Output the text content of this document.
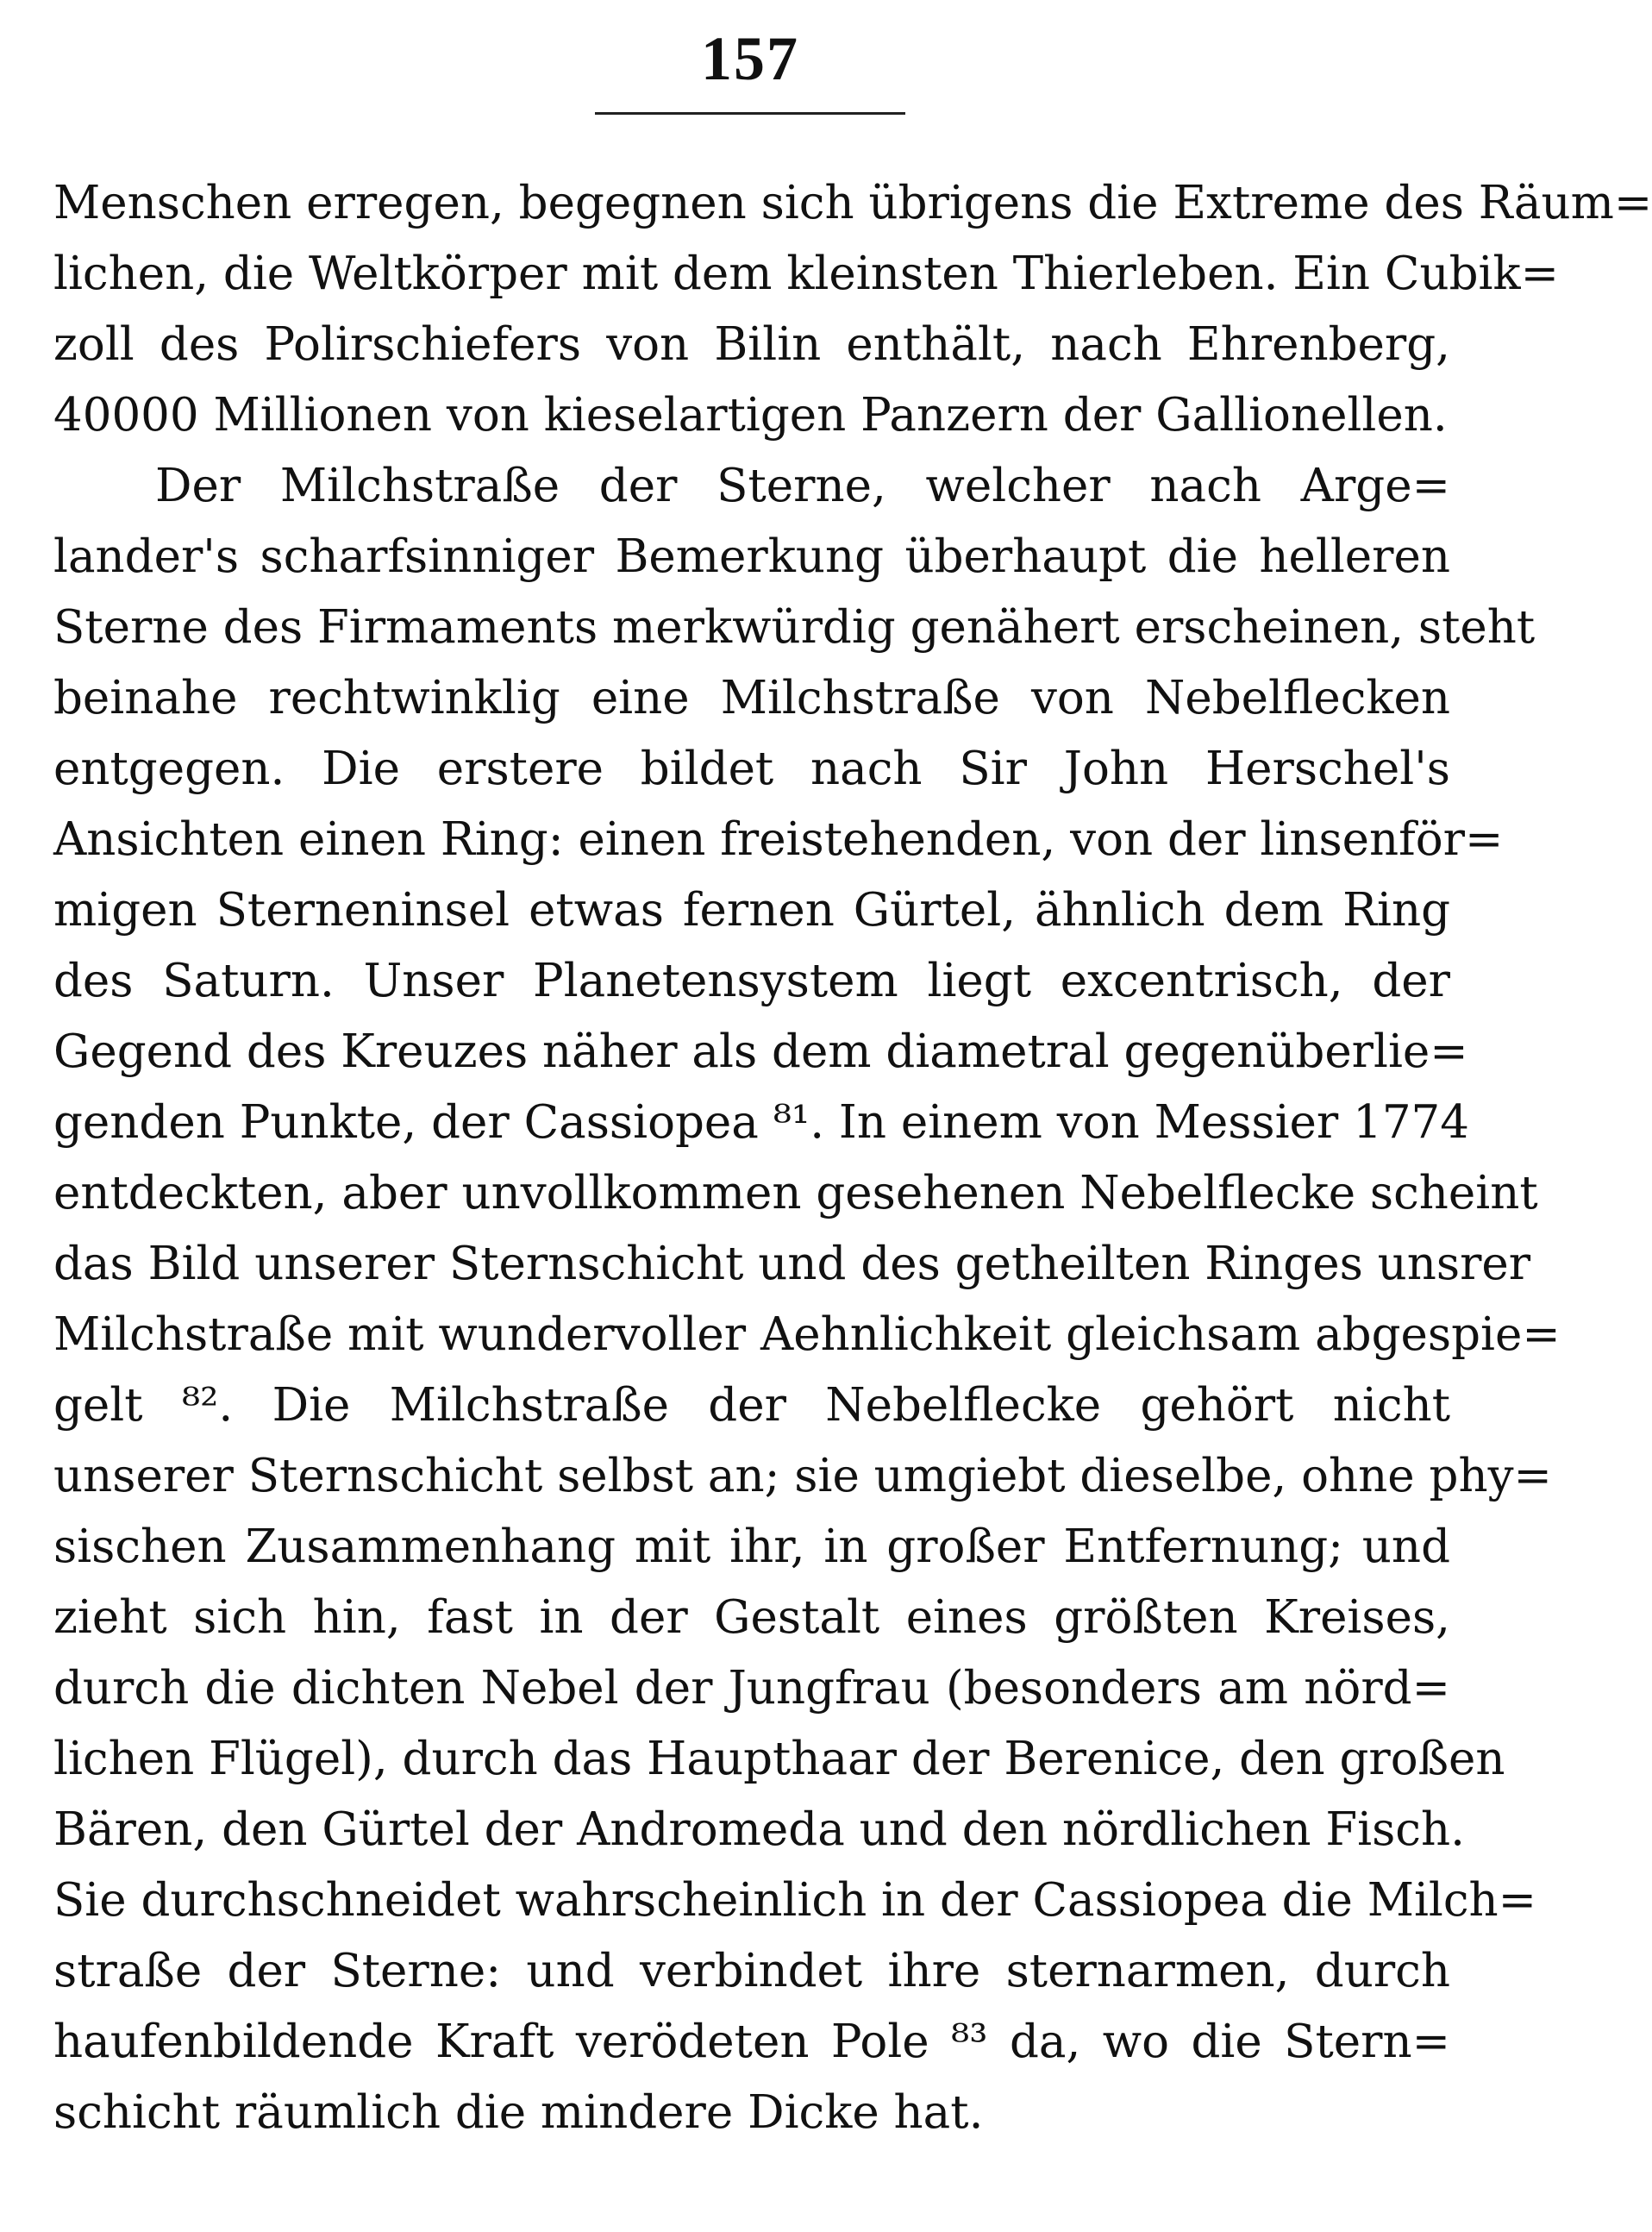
157
Menschen erregen, begegnen sich übrigens die Extreme des Räum=
lichen, die Weltkörper mit dem kleinsten Thierleben. Ein Cubik=
zoll des Polirschiefers von Bilin enthält, nach Ehrenberg,
40000 Millionen von kieselartigen Panzern der Gallionellen.
Der Milchstraße der Sterne, welcher nach Arge=
lander's scharfsinniger Bemerkung überhaupt die helleren
Sterne des Firmaments merkwürdig genähert erscheinen, steht
beinahe rechtwinklig eine Milchstraße von Nebelflecken
entgegen. Die erstere bildet nach Sir John Herschel's
Ansichten einen Ring: einen freistehenden, von der linsenför=
migen Sterneninsel etwas fernen Gürtel, ähnlich dem Ring
des Saturn. Unser Planetensystem liegt excentrisch, der
Gegend des Kreuzes näher als dem diametral gegenüberlie=
genden Punkte, der Cassiopea ⁸¹. In einem von Messier 1774
entdeckten, aber unvollkommen gesehenen Nebelflecke scheint
das Bild unserer Sternschicht und des getheilten Ringes unsrer
Milchstraße mit wundervoller Aehnlichkeit gleichsam abgespie=
gelt ⁸². Die Milchstraße der Nebelflecke gehört nicht
unserer Sternschicht selbst an; sie umgiebt dieselbe, ohne phy=
sischen Zusammenhang mit ihr, in großer Entfernung; und
zieht sich hin, fast in der Gestalt eines größten Kreises,
durch die dichten Nebel der Jungfrau (besonders am nörd=
lichen Flügel), durch das Haupthaar der Berenice, den großen
Bären, den Gürtel der Andromeda und den nördlichen Fisch.
Sie durchschneidet wahrscheinlich in der Cassiopea die Milch=
straße der Sterne: und verbindet ihre sternarmen, durch
haufenbildende Kraft verödeten Pole ⁸³ da, wo die Stern=
schicht räumlich die mindere Dicke hat.
